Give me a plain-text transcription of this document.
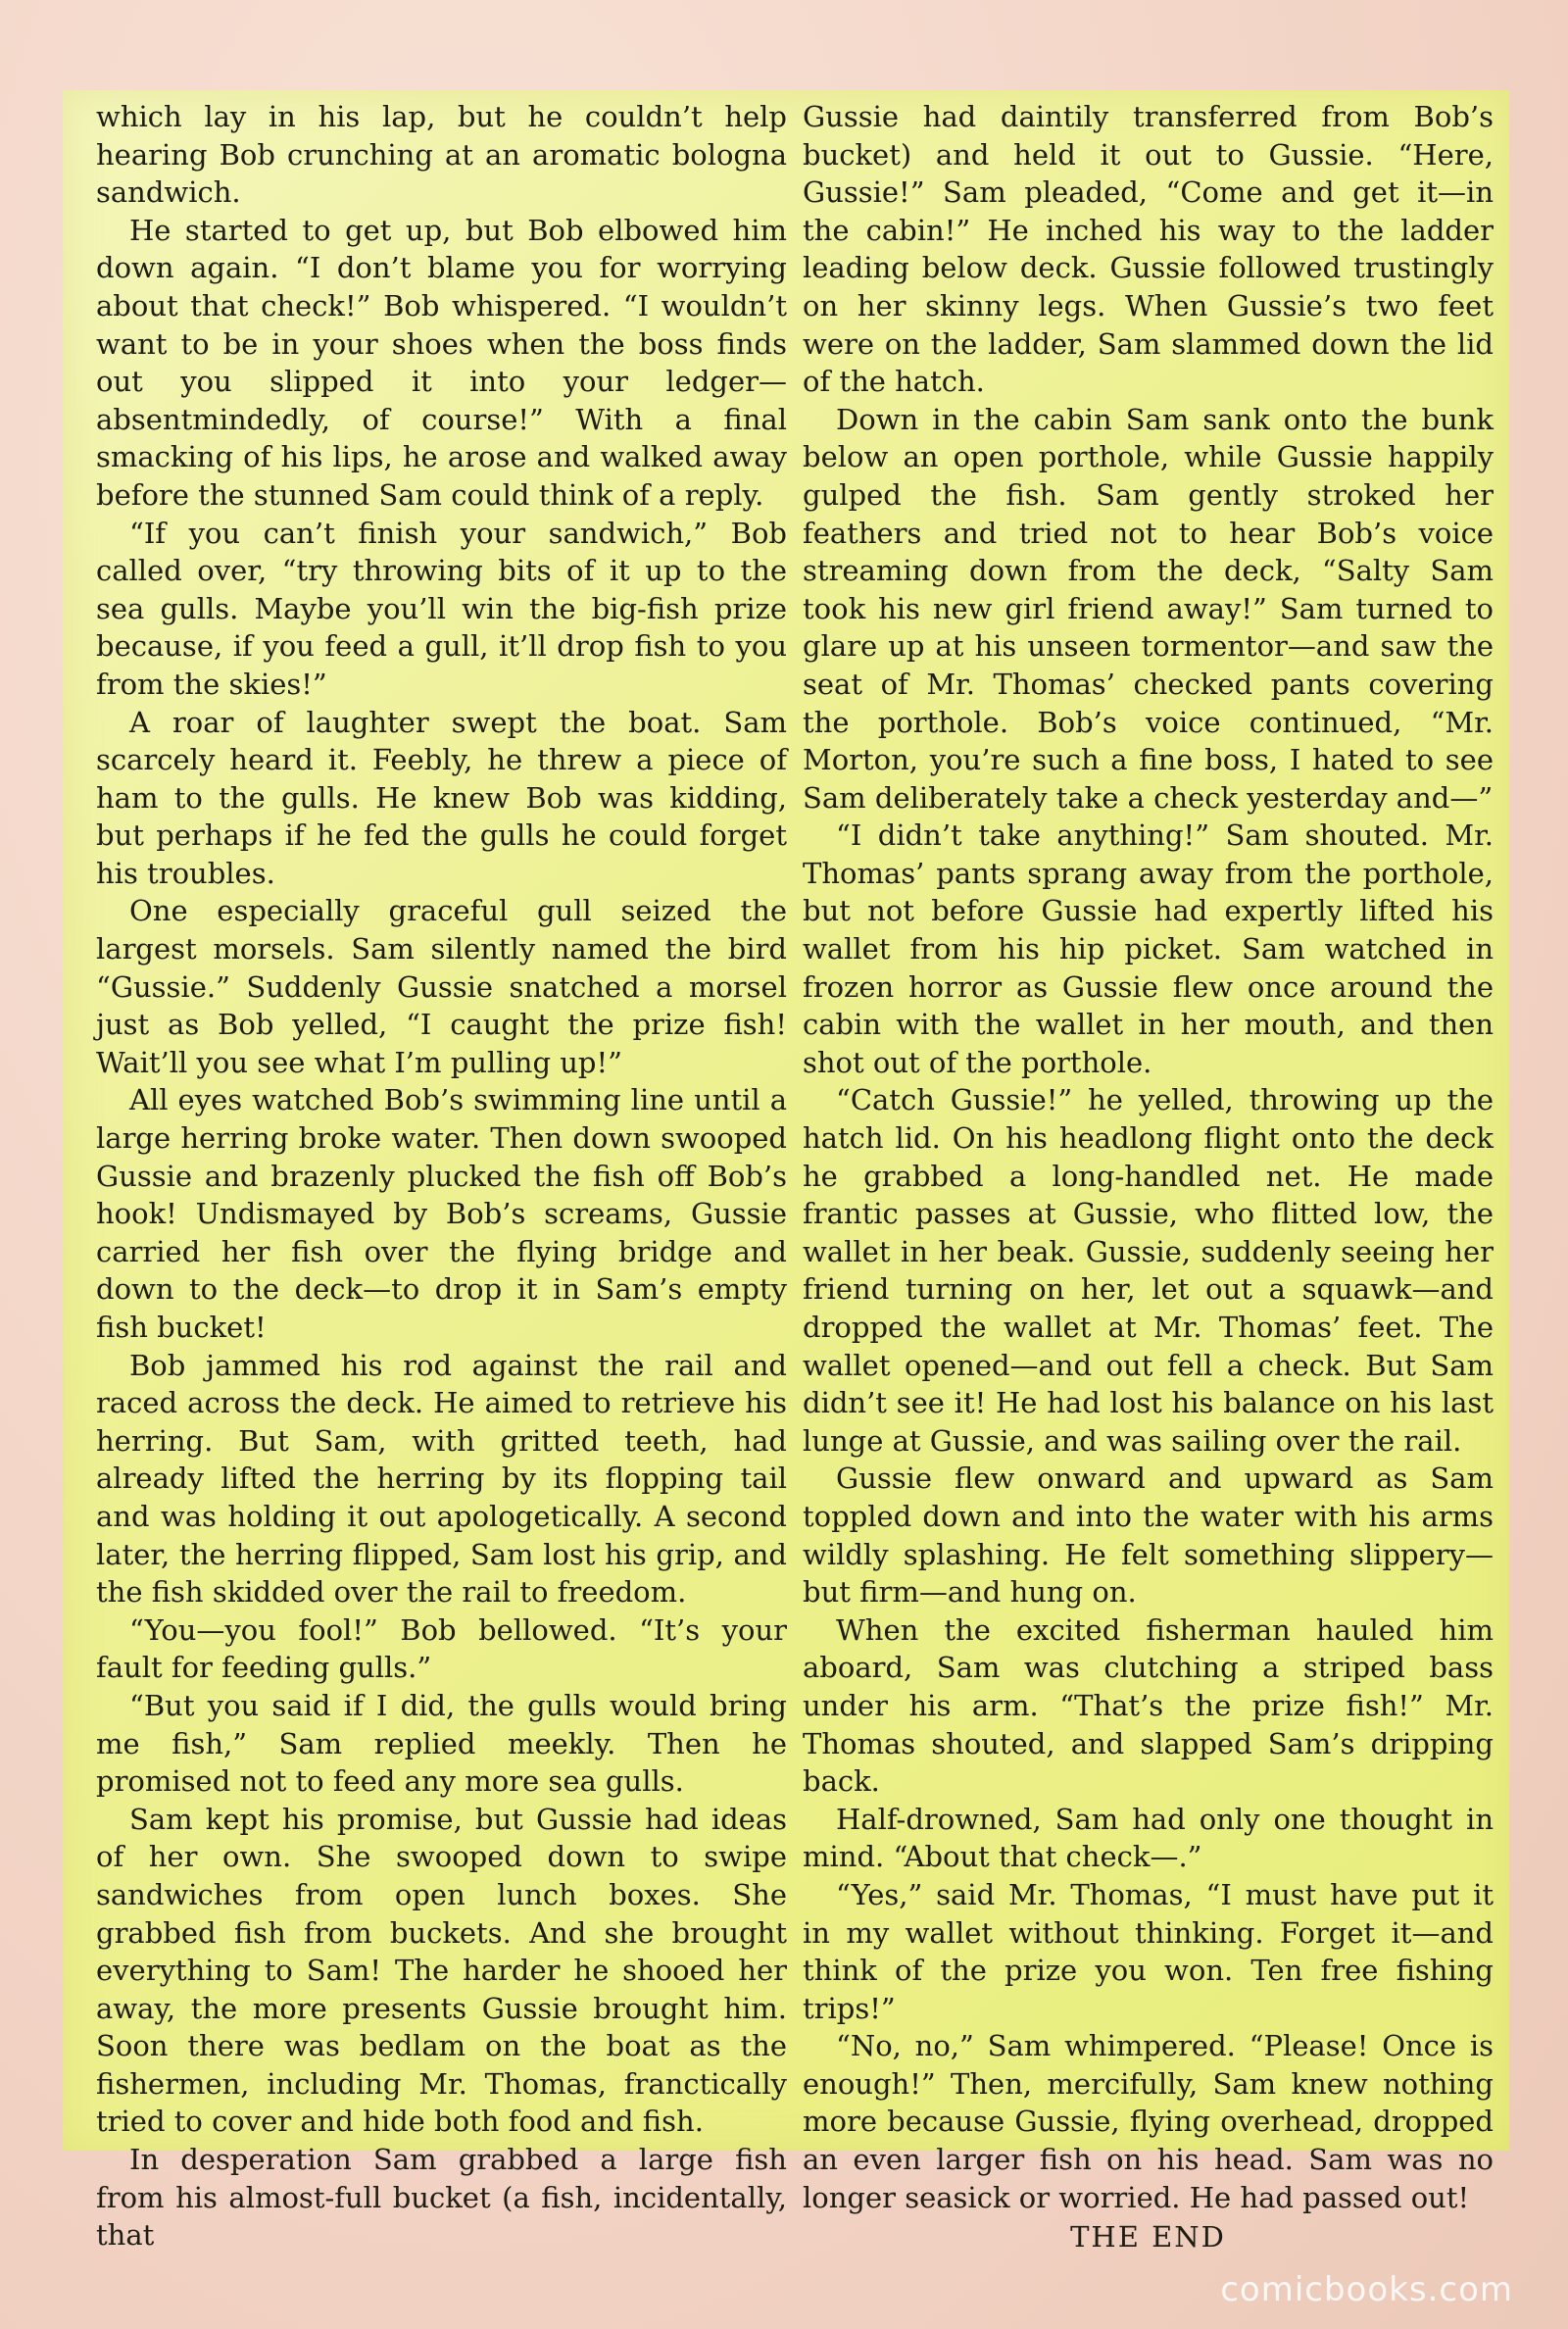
which lay in his lap, but he couldn’t help hearing Bob crunching at an aromatic bologna sandwich.

He started to get up, but Bob elbowed him down again. “I don’t blame you for worrying about that check!” Bob whispered. “I wouldn’t want to be in your shoes when the boss finds out you slipped it into your ledger—absentmindedly, of course!” With a final smacking of his lips, he arose and walked away before the stunned Sam could think of a reply.

“If you can’t finish your sandwich,” Bob called over, “try throwing bits of it up to the sea gulls. Maybe you’ll win the big-fish prize because, if you feed a gull, it’ll drop fish to you from the skies!”

A roar of laughter swept the boat. Sam scarcely heard it. Feebly, he threw a piece of ham to the gulls. He knew Bob was kidding, but perhaps if he fed the gulls he could forget his troubles.

One especially graceful gull seized the largest morsels. Sam silently named the bird “Gussie.” Suddenly Gussie snatched a morsel just as Bob yelled, “I caught the prize fish! Wait’ll you see what I’m pulling up!”

All eyes watched Bob’s swimming line until a large herring broke water. Then down swooped Gussie and brazenly plucked the fish off Bob’s hook! Undismayed by Bob’s screams, Gussie carried her fish over the flying bridge and down to the deck—to drop it in Sam’s empty fish bucket!

Bob jammed his rod against the rail and raced across the deck. He aimed to retrieve his herring. But Sam, with gritted teeth, had already lifted the herring by its flopping tail and was holding it out apologetically. A second later, the herring flipped, Sam lost his grip, and the fish skidded over the rail to freedom.

“You—you fool!” Bob bellowed. “It’s your fault for feeding gulls.”

“But you said if I did, the gulls would bring me fish,” Sam replied meekly. Then he promised not to feed any more sea gulls.

Sam kept his promise, but Gussie had ideas of her own. She swooped down to swipe sandwiches from open lunch boxes. She grabbed fish from buckets. And she brought everything to Sam! The harder he shooed her away, the more presents Gussie brought him. Soon there was bedlam on the boat as the fishermen, including Mr. Thomas, franctically tried to cover and hide both food and fish.

In desperation Sam grabbed a large fish from his almost-full bucket (a fish, incidentally, that

Gussie had daintily transferred from Bob’s bucket) and held it out to Gussie. “Here, Gussie!” Sam pleaded, “Come and get it—in the cabin!” He inched his way to the ladder leading below deck. Gussie followed trustingly on her skinny legs. When Gussie’s two feet were on the ladder, Sam slammed down the lid of the hatch.

Down in the cabin Sam sank onto the bunk below an open porthole, while Gussie happily gulped the fish. Sam gently stroked her feathers and tried not to hear Bob’s voice streaming down from the deck, “Salty Sam took his new girl friend away!” Sam turned to glare up at his unseen tormentor—and saw the seat of Mr. Thomas’ checked pants covering the porthole. Bob’s voice continued, “Mr. Morton, you’re such a fine boss, I hated to see Sam deliberately take a check yesterday and—”

“I didn’t take anything!” Sam shouted. Mr. Thomas’ pants sprang away from the porthole, but not before Gussie had expertly lifted his wallet from his hip picket. Sam watched in frozen horror as Gussie flew once around the cabin with the wallet in her mouth, and then shot out of the porthole.

“Catch Gussie!” he yelled, throwing up the hatch lid. On his headlong flight onto the deck he grabbed a long-handled net. He made frantic passes at Gussie, who flitted low, the wallet in her beak. Gussie, suddenly seeing her friend turning on her, let out a squawk—and dropped the wallet at Mr. Thomas’ feet. The wallet opened—and out fell a check. But Sam didn’t see it! He had lost his balance on his last lunge at Gussie, and was sailing over the rail.

Gussie flew onward and upward as Sam toppled down and into the water with his arms wildly splashing. He felt something slippery—but firm—and hung on.

When the excited fisherman hauled him aboard, Sam was clutching a striped bass under his arm. “That’s the prize fish!” Mr. Thomas shouted, and slapped Sam’s dripping back.

Half-drowned, Sam had only one thought in mind. “About that check—.”

“Yes,” said Mr. Thomas, “I must have put it in my wallet without thinking. Forget it—and think of the prize you won. Ten free fishing trips!”

“No, no,” Sam whimpered. “Please! Once is enough!” Then, mercifully, Sam knew nothing more because Gussie, flying overhead, dropped an even larger fish on his head. Sam was no longer seasick or worried. He had passed out!

THE END

comicbooks.com
